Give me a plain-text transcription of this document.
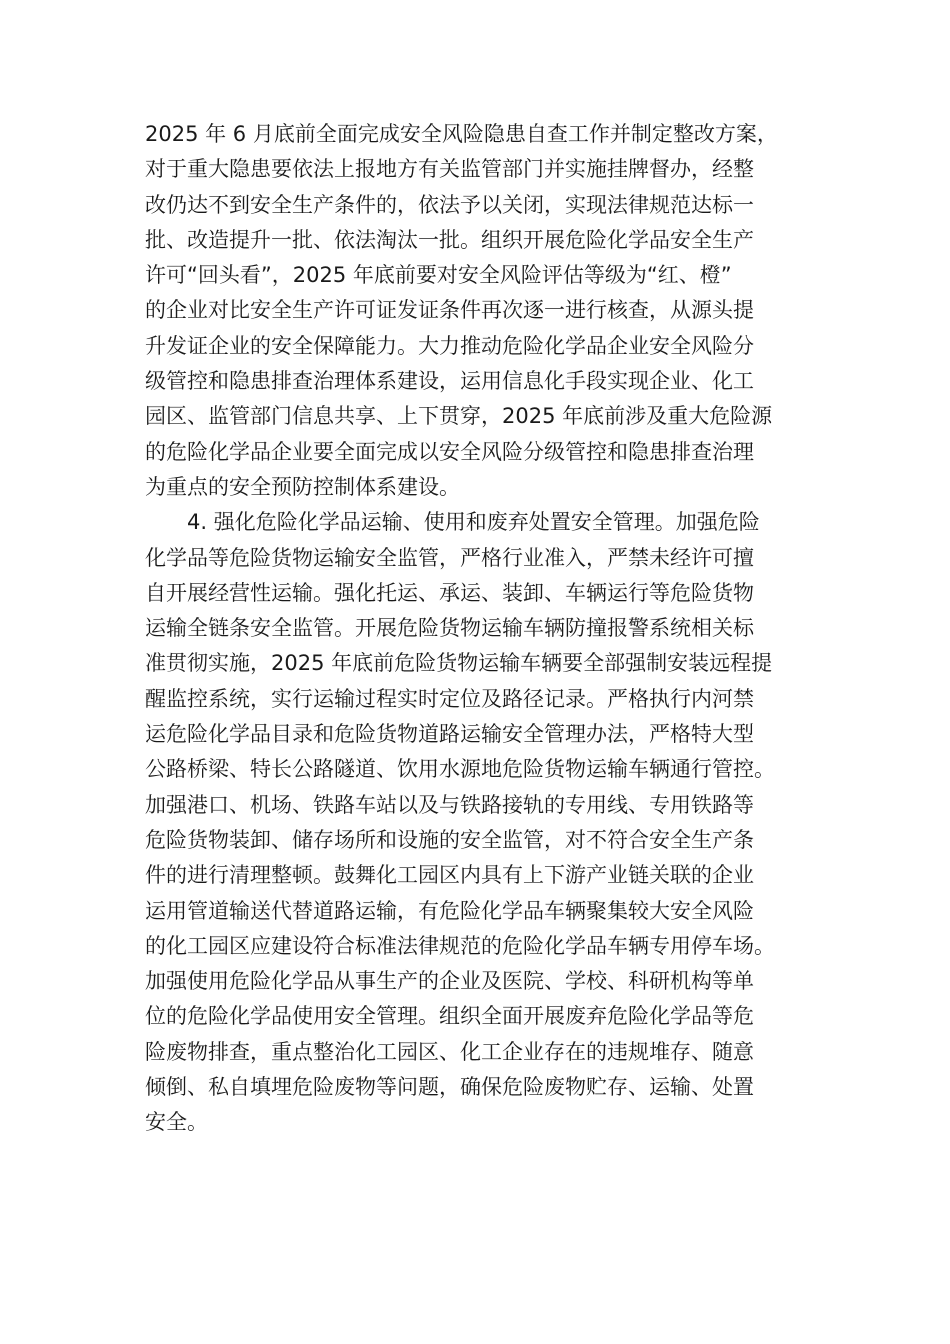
2025 年 6 月底前全面完成安全风险隐患自查工作并制定整改方案，
对于重大隐患要依法上报地方有关监管部门并实施挂牌督办，经整
改仍达不到安全生产条件的，依法予以关闭，实现法律规范达标一
批、改造提升一批、依法淘汰一批。组织开展危险化学品安全生产
许可“回头看”，2025 年底前要对安全风险评估等级为“红、橙”
的企业对比安全生产许可证发证条件再次逐一进行核查，从源头提
升发证企业的安全保障能力。大力推动危险化学品企业安全风险分
级管控和隐患排查治理体系建设，运用信息化手段实现企业、化工
园区、监管部门信息共享、上下贯穿，2025 年底前涉及重大危险源
的危险化学品企业要全面完成以安全风险分级管控和隐患排查治理
为重点的安全预防控制体系建设。
4. 强化危险化学品运输、使用和废弃处置安全管理。加强危险
化学品等危险货物运输安全监管，严格行业准入，严禁未经许可擅
自开展经营性运输。强化托运、承运、装卸、车辆运行等危险货物
运输全链条安全监管。开展危险货物运输车辆防撞报警系统相关标
准贯彻实施，2025 年底前危险货物运输车辆要全部强制安装远程提
醒监控系统，实行运输过程实时定位及路径记录。严格执行内河禁
运危险化学品目录和危险货物道路运输安全管理办法，严格特大型
公路桥梁、特长公路隧道、饮用水源地危险货物运输车辆通行管控。
加强港口、机场、铁路车站以及与铁路接轨的专用线、专用铁路等
危险货物装卸、储存场所和设施的安全监管，对不符合安全生产条
件的进行清理整顿。鼓舞化工园区内具有上下游产业链关联的企业
运用管道输送代替道路运输，有危险化学品车辆聚集较大安全风险
的化工园区应建设符合标准法律规范的危险化学品车辆专用停车场。
加强使用危险化学品从事生产的企业及医院、学校、科研机构等单
位的危险化学品使用安全管理。组织全面开展废弃危险化学品等危
险废物排查，重点整治化工园区、化工企业存在的违规堆存、随意
倾倒、私自填埋危险废物等问题，确保危险废物贮存、运输、处置
安全。
